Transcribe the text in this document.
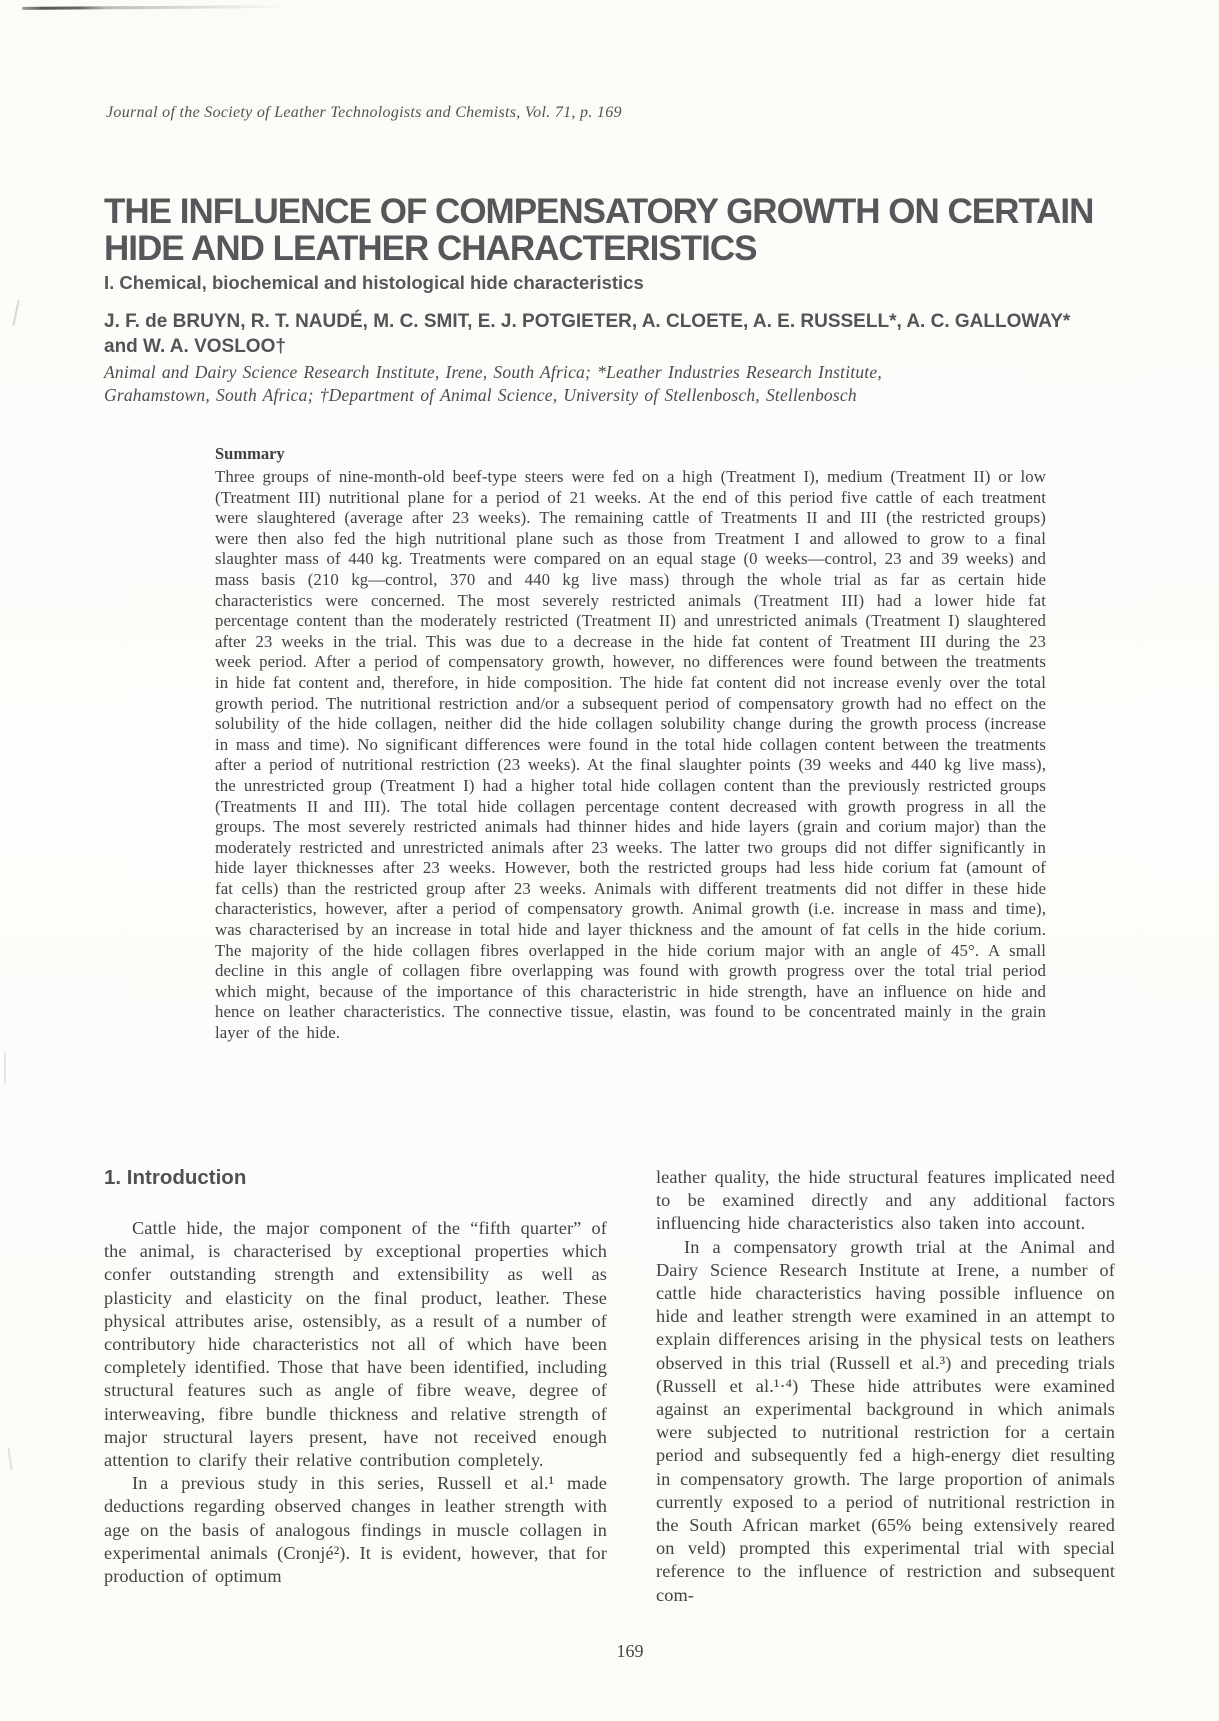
Journal of the Society of Leather Technologists and Chemists, Vol. 71, p. 169
THE INFLUENCE OF COMPENSATORY GROWTH ON CERTAIN
HIDE AND LEATHER CHARACTERISTICS
I. Chemical, biochemical and histological hide characteristics
J. F. de BRUYN, R. T. NAUDÉ, M. C. SMIT, E. J. POTGIETER, A. CLOETE, A. E. RUSSELL*, A. C. GALLOWAY*
and W. A. VOSLOO†
Animal and Dairy Science Research Institute, Irene, South Africa; *Leather Industries Research Institute,
Grahamstown, South Africa; †Department of Animal Science, University of Stellenbosch, Stellenbosch
Summary

Three groups of nine-month-old beef-type steers were fed on a high (Treatment I), medium (Treatment II) or low (Treatment III) nutritional plane for a period of 21 weeks. At the end of this period five cattle of each treatment were slaughtered (average after 23 weeks). The remaining cattle of Treatments II and III (the restricted groups) were then also fed the high nutritional plane such as those from Treatment I and allowed to grow to a final slaughter mass of 440 kg. Treatments were compared on an equal stage (0 weeks—control, 23 and 39 weeks) and mass basis (210 kg—control, 370 and 440 kg live mass) through the whole trial as far as certain hide characteristics were concerned. The most severely restricted animals (Treatment III) had a lower hide fat percentage content than the moderately restricted (Treatment II) and unrestricted animals (Treatment I) slaughtered after 23 weeks in the trial. This was due to a decrease in the hide fat content of Treatment III during the 23 week period. After a period of compensatory growth, however, no differences were found between the treatments in hide fat content and, therefore, in hide composition. The hide fat content did not increase evenly over the total growth period. The nutritional restriction and/or a subsequent period of compensatory growth had no effect on the solubility of the hide collagen, neither did the hide collagen solubility change during the growth process (increase in mass and time). No significant differences were found in the total hide collagen content between the treatments after a period of nutritional restriction (23 weeks). At the final slaughter points (39 weeks and 440 kg live mass), the unrestricted group (Treatment I) had a higher total hide collagen content than the previously restricted groups (Treatments II and III). The total hide collagen percentage content decreased with growth progress in all the groups. The most severely restricted animals had thinner hides and hide layers (grain and corium major) than the moderately restricted and unrestricted animals after 23 weeks. The latter two groups did not differ significantly in hide layer thicknesses after 23 weeks. However, both the restricted groups had less hide corium fat (amount of fat cells) than the restricted group after 23 weeks. Animals with different treatments did not differ in these hide characteristics, however, after a period of compensatory growth. Animal growth (i.e. increase in mass and time), was characterised by an increase in total hide and layer thickness and the amount of fat cells in the hide corium. The majority of the hide collagen fibres overlapped in the hide corium major with an angle of 45°. A small decline in this angle of collagen fibre overlapping was found with growth progress over the total trial period which might, because of the importance of this characteristric in hide strength, have an influence on hide and hence on leather characteristics. The connective tissue, elastin, was found to be concentrated mainly in the grain layer of the hide.

1. Introduction

Cattle hide, the major component of the “fifth quarter” of the animal, is characterised by exceptional properties which confer outstanding strength and extensibility as well as plasticity and elasticity on the final product, leather. These physical attributes arise, ostensibly, as a result of a number of contributory hide characteristics not all of which have been completely identified. Those that have been identified, including structural features such as angle of fibre weave, degree of interweaving, fibre bundle thickness and relative strength of major structural layers present, have not received enough attention to clarify their relative contribution completely.

In a previous study in this series, Russell et al.¹ made deductions regarding observed changes in leather strength with age on the basis of analogous findings in muscle collagen in experimental animals (Cronjé²). It is evident, however, that for production of optimum

leather quality, the hide structural features implicated need to be examined directly and any additional factors influencing hide characteristics also taken into account.

In a compensatory growth trial at the Animal and Dairy Science Research Institute at Irene, a number of cattle hide characteristics having possible influence on hide and leather strength were examined in an attempt to explain differences arising in the physical tests on leathers observed in this trial (Russell et al.³) and preceding trials (Russell et al.¹·⁴) These hide attributes were examined against an experimental background in which animals were subjected to nutritional restriction for a certain period and subsequently fed a high-energy diet resulting in compensatory growth. The large proportion of animals currently exposed to a period of nutritional restriction in the South African market (65% being extensively reared on veld) prompted this experimental trial with special reference to the influence of restriction and subsequent com-

169
